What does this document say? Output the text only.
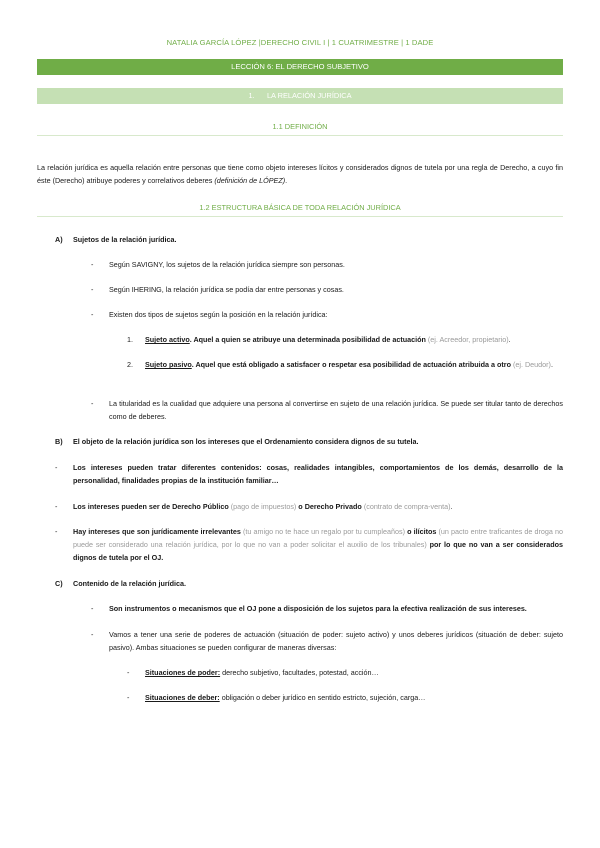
NATALIA GARCÍA LÓPEZ |DERECHO CIVIL I | 1 CUATRIMESTRE | 1 DADE
LECCIÓN 6: EL DERECHO SUBJETIVO
1. LA RELACIÓN JURÍDICA
1.1 DEFINICIÓN
La relación jurídica es aquella relación entre personas que tiene como objeto intereses lícitos y considerados dignos de tutela por una regla de Derecho, a cuyo fin éste (Derecho) atribuye poderes y correlativos deberes (definición de LÓPEZ).
1.2 ESTRUCTURA BÁSICA DE TODA RELACIÓN JURÍDICA
A) Sujetos de la relación jurídica.
- Según SAVIGNY, los sujetos de la relación jurídica siempre son personas.
- Según IHERING, la relación jurídica se podía dar entre personas y cosas.
- Existen dos tipos de sujetos según la posición en la relación jurídica:
1. Sujeto activo. Aquel a quien se atribuye una determinada posibilidad de actuación (ej. Acreedor, propietario).
2. Sujeto pasivo. Aquel que está obligado a satisfacer o respetar esa posibilidad de actuación atribuida a otro (ej. Deudor).
- La titularidad es la cualidad que adquiere una persona al convertirse en sujeto de una relación jurídica. Se puede ser titular tanto de derechos como de deberes.
B) El objeto de la relación jurídica son los intereses que el Ordenamiento considera dignos de su tutela.
- Los intereses pueden tratar diferentes contenidos: cosas, realidades intangibles, comportamientos de los demás, desarrollo de la personalidad, finalidades propias de la institución familiar…
- Los intereses pueden ser de Derecho Público (pago de impuestos) o Derecho Privado (contrato de compra-venta).
- Hay intereses que son jurídicamente irrelevantes (tu amigo no te hace un regalo por tu cumpleaños) o ilícitos (un pacto entre traficantes de droga no puede ser considerado una relación jurídica, por lo que no van a poder solicitar el auxilio de los tribunales) por lo que no van a ser considerados dignos de tutela por el OJ.
C) Contenido de la relación jurídica.
- Son instrumentos o mecanismos que el OJ pone a disposición de los sujetos para la efectiva realización de sus intereses.
- Vamos a tener una serie de poderes de actuación (situación de poder: sujeto activo) y unos deberes jurídicos (situación de deber: sujeto pasivo). Ambas situaciones se pueden configurar de maneras diversas:
- Situaciones de poder: derecho subjetivo, facultades, potestad, acción…
- Situaciones de deber: obligación o deber jurídico en sentido estricto, sujeción, carga…
